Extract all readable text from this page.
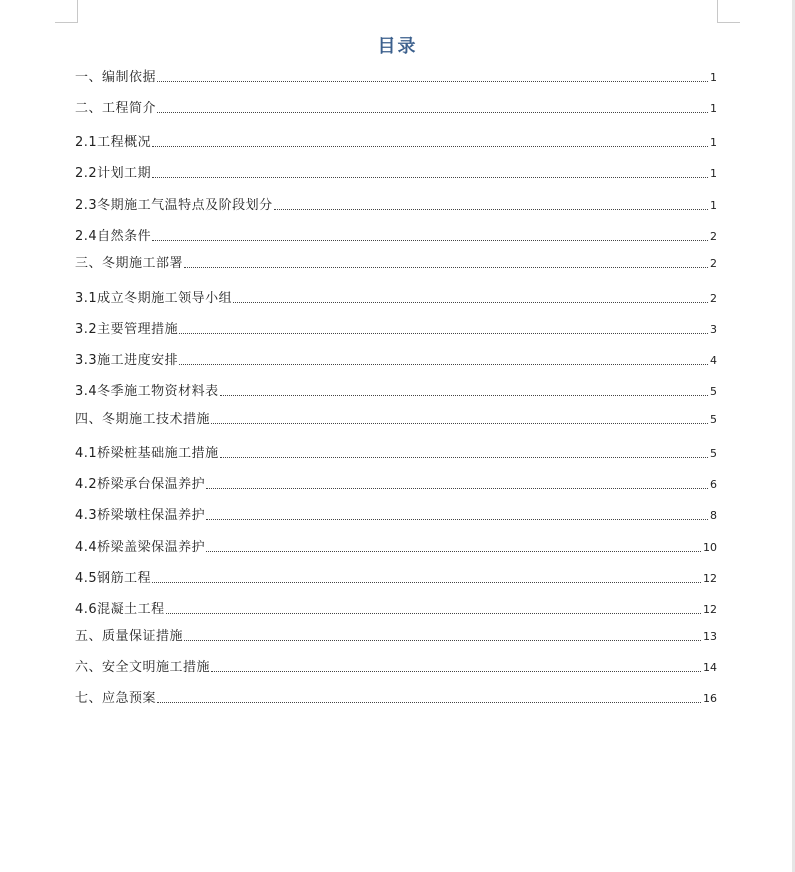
目录
一、编制依据	1
二、工程简介	1
2.1工程概况	1
2.2计划工期	1
2.3冬期施工气温特点及阶段划分	1
2.4自然条件	2
三、冬期施工部署	2
3.1成立冬期施工领导小组	2
3.2主要管理措施	3
3.3施工进度安排	4
3.4冬季施工物资材料表	5
四、冬期施工技术措施	5
4.1桥梁桩基础施工措施	5
4.2桥梁承台保温养护	6
4.3桥梁墩柱保温养护	8
4.4桥梁盖梁保温养护	10
4.5钢筋工程	12
4.6混凝土工程	12
五、质量保证措施	13
六、安全文明施工措施	14
七、应急预案	16
